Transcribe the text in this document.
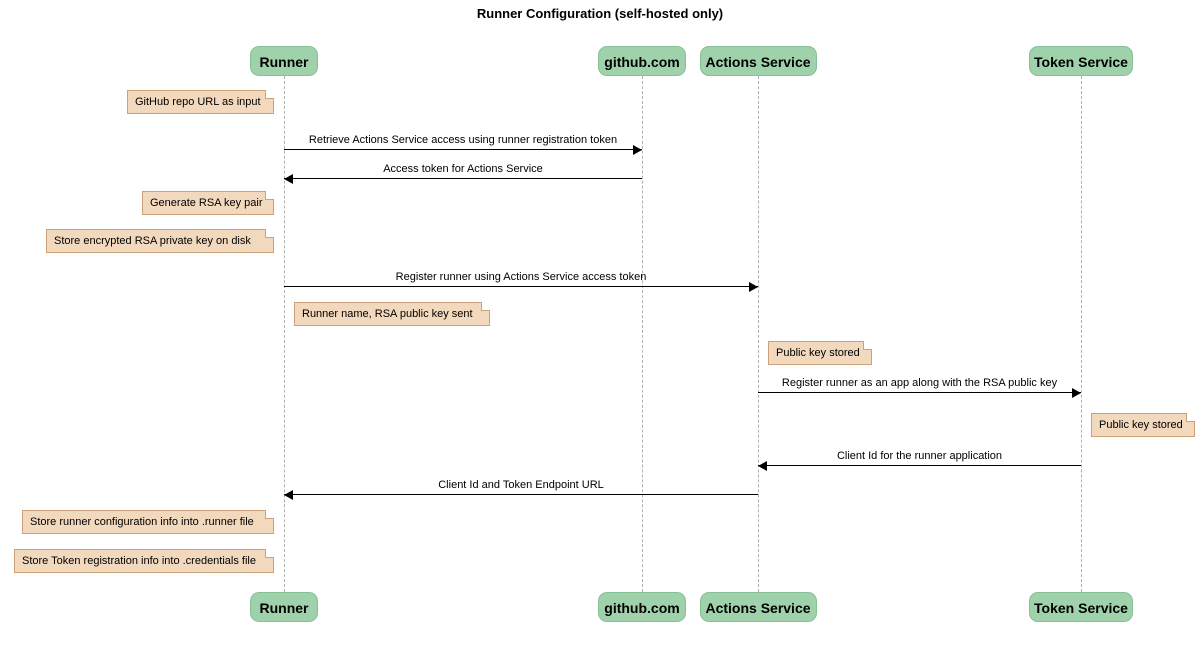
Runner Configuration (self-hosted only)
Runner	github.com	Actions Service	Token Service
Runner	github.com	Actions Service	Token Service
Retrieve Actions Service access using runner registration token
Access token for Actions Service
Register runner using Actions Service access token
Register runner as an app along with the RSA public key
Client Id for the runner application
Client Id and Token Endpoint URL
GitHub repo URL as input
Generate RSA key pair
Store encrypted RSA private key on disk
Runner name, RSA public key sent
Public key stored
Public key stored
Store runner configuration info into .runner file
Store Token registration info into .credentials file
